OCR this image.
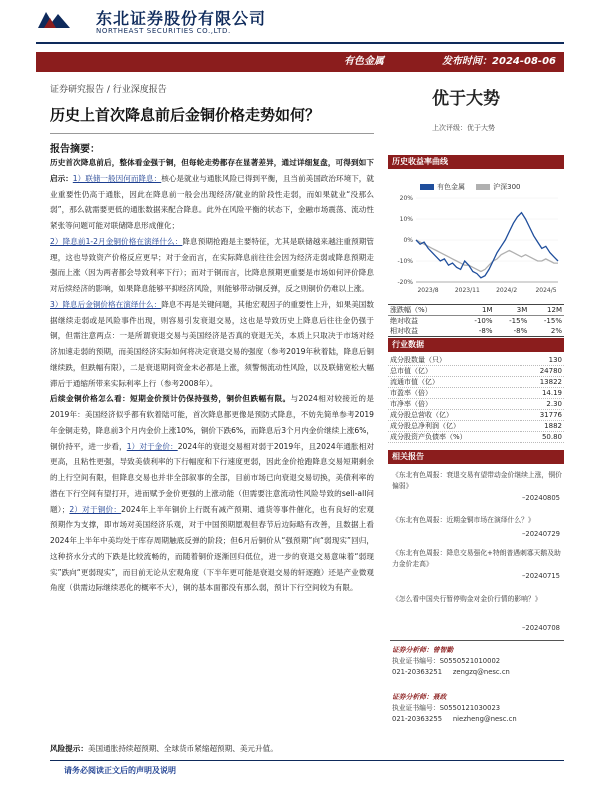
东北证券股份有限公司
NORTHEAST SECURITIES CO.,LTD.
有色金属	发布时间：2024-08-06
证券研究报告 / 行业深度报告	优于大势
历史上首次降息前后金铜价格走势如何？
上次评级：优于大势
报告摘要：

历史首次降息前后，整体看金强于铜，但每轮走势都存在显著差异，通过详细复盘，可得到如下启示：1）联储一般因何而降息：核心是就业与通胀风险已得到平衡，且当前美国政治环境下，就业重要性仍高于通胀，因此在降息前一般会出现经济/就业的阶段性走弱，而如果就业“没那么弱”，那么就需要更低的通胀数据来配合降息。此外在风险平衡的状态下，金融市场震荡、流动性紧张等问题可能对联储降息形成催化；

2）降息前1-2月金铜价格在演绎什么：降息预期抢跑是主要特征，尤其是联储越来越注重预期管理，这也导致资产价格反应更早；对于金而言，在实际降息前往往会因为经济走弱或降息预期走强而上涨（因为两者都会导致利率下行）；而对于铜而言，比降息预期更重要是市场如何评价降息对后续经济的影响，如果降息能够平抑经济风险，则能够带动铜反弹，反之则铜价仍难以上涨。

3）降息后金铜价格在演绎什么：降息不再是关键问题，其他宏观因子的重要性上升，如果美国数据继续走弱或是风险事件出现，则容易引发衰退交易，这也是导致历史上降息后往往金仍强于铜，但需注意两点：一是所谓衰退交易与美国经济是否真的衰退无关，本质上只取决于市场对经济加速走弱的预期，而美国经济实际如何将决定衰退交易的强度（参考2019年秋着陆，降息后铜继续跌，但跌幅有限），二是衰退期间资金未必都是上涨，须警惕流动性风险，以及联储宽松大幅滞后于通缩所带来实际利率上行（参考2008年）。

后续金铜价格怎么看：短期金价预计仍保持强势，铜价但跌幅有限。与2024相对较接近的是2019年：美国经济似乎都有软着陆可能，首次降息都更像是预防式降息，不妨先简单参考2019年金铜走势，降息前3个月内金价上涨10%，铜价下跌6%，而降息后3个月内金价继续上涨6%，铜价持平，进一步看，1）对于金价：2024年的衰退交易相对弱于2019年，且2024年通胀相对更高，且粘性更强，导致美债利率的下行幅度和下行速度更弱，因此金价抢跑降息交易短期剩余的上行空间有限，但降息交易也并非全部叙事的全部，目前市场已向衰退交易切换，美债利率的潜在下行空间有望打开，进而赋予金价更强的上涨动能（但需要注意流动性风险导致的sell-all问题）；2）对于铜价：2024年上半年铜价上行既有减产预期、通货等事件催化，也有良好的宏观预期作为支撑，即市场对美国经济乐观，对于中国预期愿观但春节后边际略有改善，且数据上看2024年上半年中美均处于库存周期触底反弹的阶段；但6月后铜价从“强预期”向“弱现实”回归，这种挤水分式的下跌是比较流畅的，而随着铜价逐渐回归低位，进一步的衰退交易意味着“弱现实”跌向“更弱现实”，而目前无论从宏观角度（下半年更可能是衰退交易的轩逐跑）还是产业微观角度（供需边际继续恶化的概率不大），铜的基本面都没有那么弱，预计下行空间较为有限。

风险提示：美国通胀持续超预期、全球货币紧缩超预期、美元升值。
请务必阅读正文后的声明及说明
历史收益率曲线
有色金属	沪深300
20%
10%
0%
-10%
-20%
2023/8	2023/11	2024/2	2024/5
涨跌幅（%）	1M	3M	12M
绝对收益	-10%	-15%	-15%
相对收益	-8%	-8%	2%
行业数据
成分股数量（只）	130
总市值（亿）	24780
流通市值（亿）	13822
市盈率（倍）	14.19
市净率（倍）	2.30
成分股总营收（亿）	31776
成分股总净利润（亿）	1882
成分股资产负债率（%）	50.80
相关报告
《东北有色周报：衰退交易有望带动金价继续上涨，铜价偏弱》
–20240805
《东北有色周报：近期金铜市场在演绎什么？》
–20240729
《东北有色周报：降息交易强化+特朗普遇刺寡天鹅及助力金价走高》
–20240715
《怎么看中国央行暂停购金对金价行情的影响？》
–20240708
证券分析师：曾智勤
执业证书编号：S0550521010002
021-20363251 zengzq@nesc.cn
证券分析师：聂政
执业证书编号：S0550121030023
021-20363255 niezheng@nesc.cn
